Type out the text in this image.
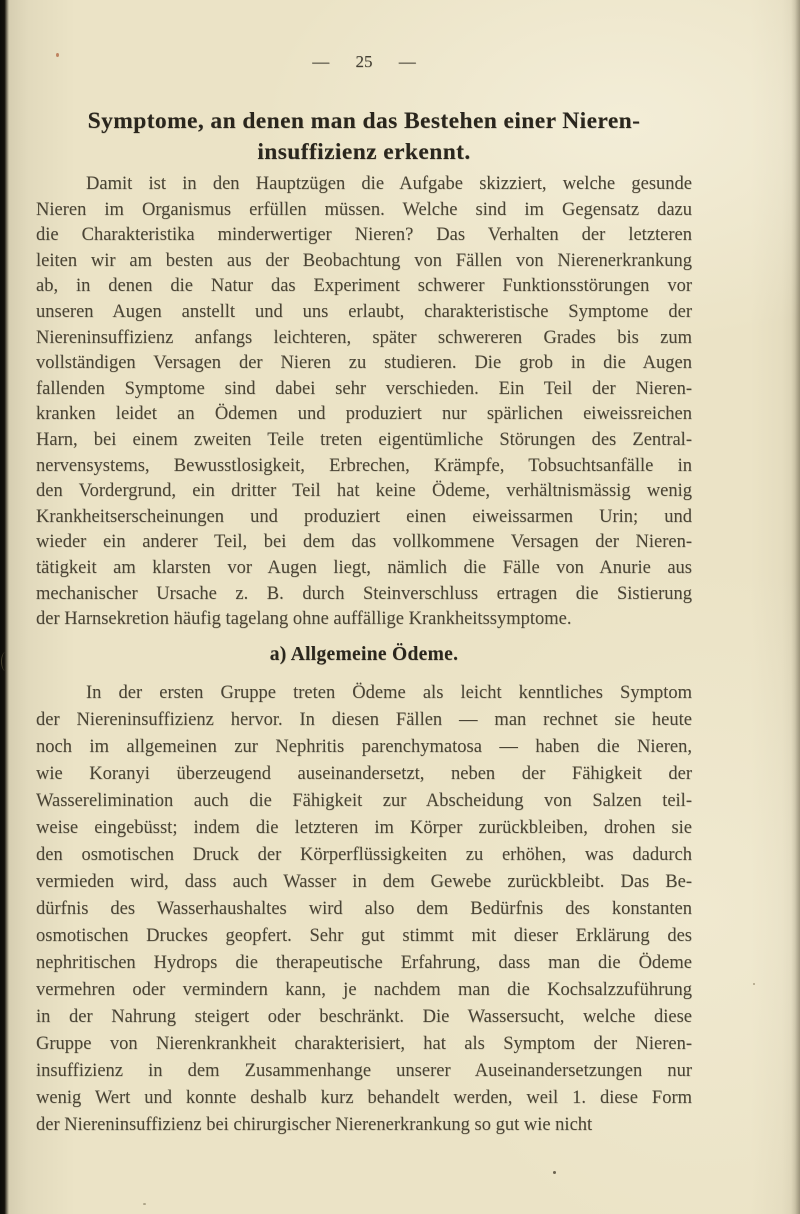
— 25 —
Symptome, an denen man das Bestehen einer Nieren-
insuffizienz erkennt.
Damit ist in den Hauptzügen die Aufgabe skizziert, welche gesunde
Nieren im Organismus erfüllen müssen. Welche sind im Gegensatz dazu
die Charakteristika minderwertiger Nieren? Das Verhalten der letzteren
leiten wir am besten aus der Beobachtung von Fällen von Nierenerkrankung
ab, in denen die Natur das Experiment schwerer Funktionsstörungen vor
unseren Augen anstellt und uns erlaubt, charakteristische Symptome der
Niereninsuffizienz anfangs leichteren, später schwereren Grades bis zum
vollständigen Versagen der Nieren zu studieren. Die grob in die Augen
fallenden Symptome sind dabei sehr verschieden. Ein Teil der Nieren-
kranken leidet an Ödemen und produziert nur spärlichen eiweissreichen
Harn, bei einem zweiten Teile treten eigentümliche Störungen des Zentral-
nervensystems, Bewusstlosigkeit, Erbrechen, Krämpfe, Tobsuchtsanfälle in
den Vordergrund, ein dritter Teil hat keine Ödeme, verhältnismässig wenig
Krankheitserscheinungen und produziert einen eiweissarmen Urin; und
wieder ein anderer Teil, bei dem das vollkommene Versagen der Nieren-
tätigkeit am klarsten vor Augen liegt, nämlich die Fälle von Anurie aus
mechanischer Ursache z. B. durch Steinverschluss ertragen die Sistierung
der Harnsekretion häufig tagelang ohne auffällige Krankheitssymptome.
a) Allgemeine Ödeme.
In der ersten Gruppe treten Ödeme als leicht kenntliches Symptom
der Niereninsuffizienz hervor. In diesen Fällen — man rechnet sie heute
noch im allgemeinen zur Nephritis parenchymatosa — haben die Nieren,
wie Koranyi überzeugend auseinandersetzt, neben der Fähigkeit der
Wasserelimination auch die Fähigkeit zur Abscheidung von Salzen teil-
weise eingebüsst; indem die letzteren im Körper zurückbleiben, drohen sie
den osmotischen Druck der Körperflüssigkeiten zu erhöhen, was dadurch
vermieden wird, dass auch Wasser in dem Gewebe zurückbleibt. Das Be-
dürfnis des Wasserhaushaltes wird also dem Bedürfnis des konstanten
osmotischen Druckes geopfert. Sehr gut stimmt mit dieser Erklärung des
nephritischen Hydrops die therapeutische Erfahrung, dass man die Ödeme
vermehren oder vermindern kann, je nachdem man die Kochsalzzuführung
in der Nahrung steigert oder beschränkt. Die Wassersucht, welche diese
Gruppe von Nierenkrankheit charakterisiert, hat als Symptom der Nieren-
insuffizienz in dem Zusammenhange unserer Auseinandersetzungen nur
wenig Wert und konnte deshalb kurz behandelt werden, weil 1. diese Form
der Niereninsuffizienz bei chirurgischer Nierenerkrankung so gut wie nicht
